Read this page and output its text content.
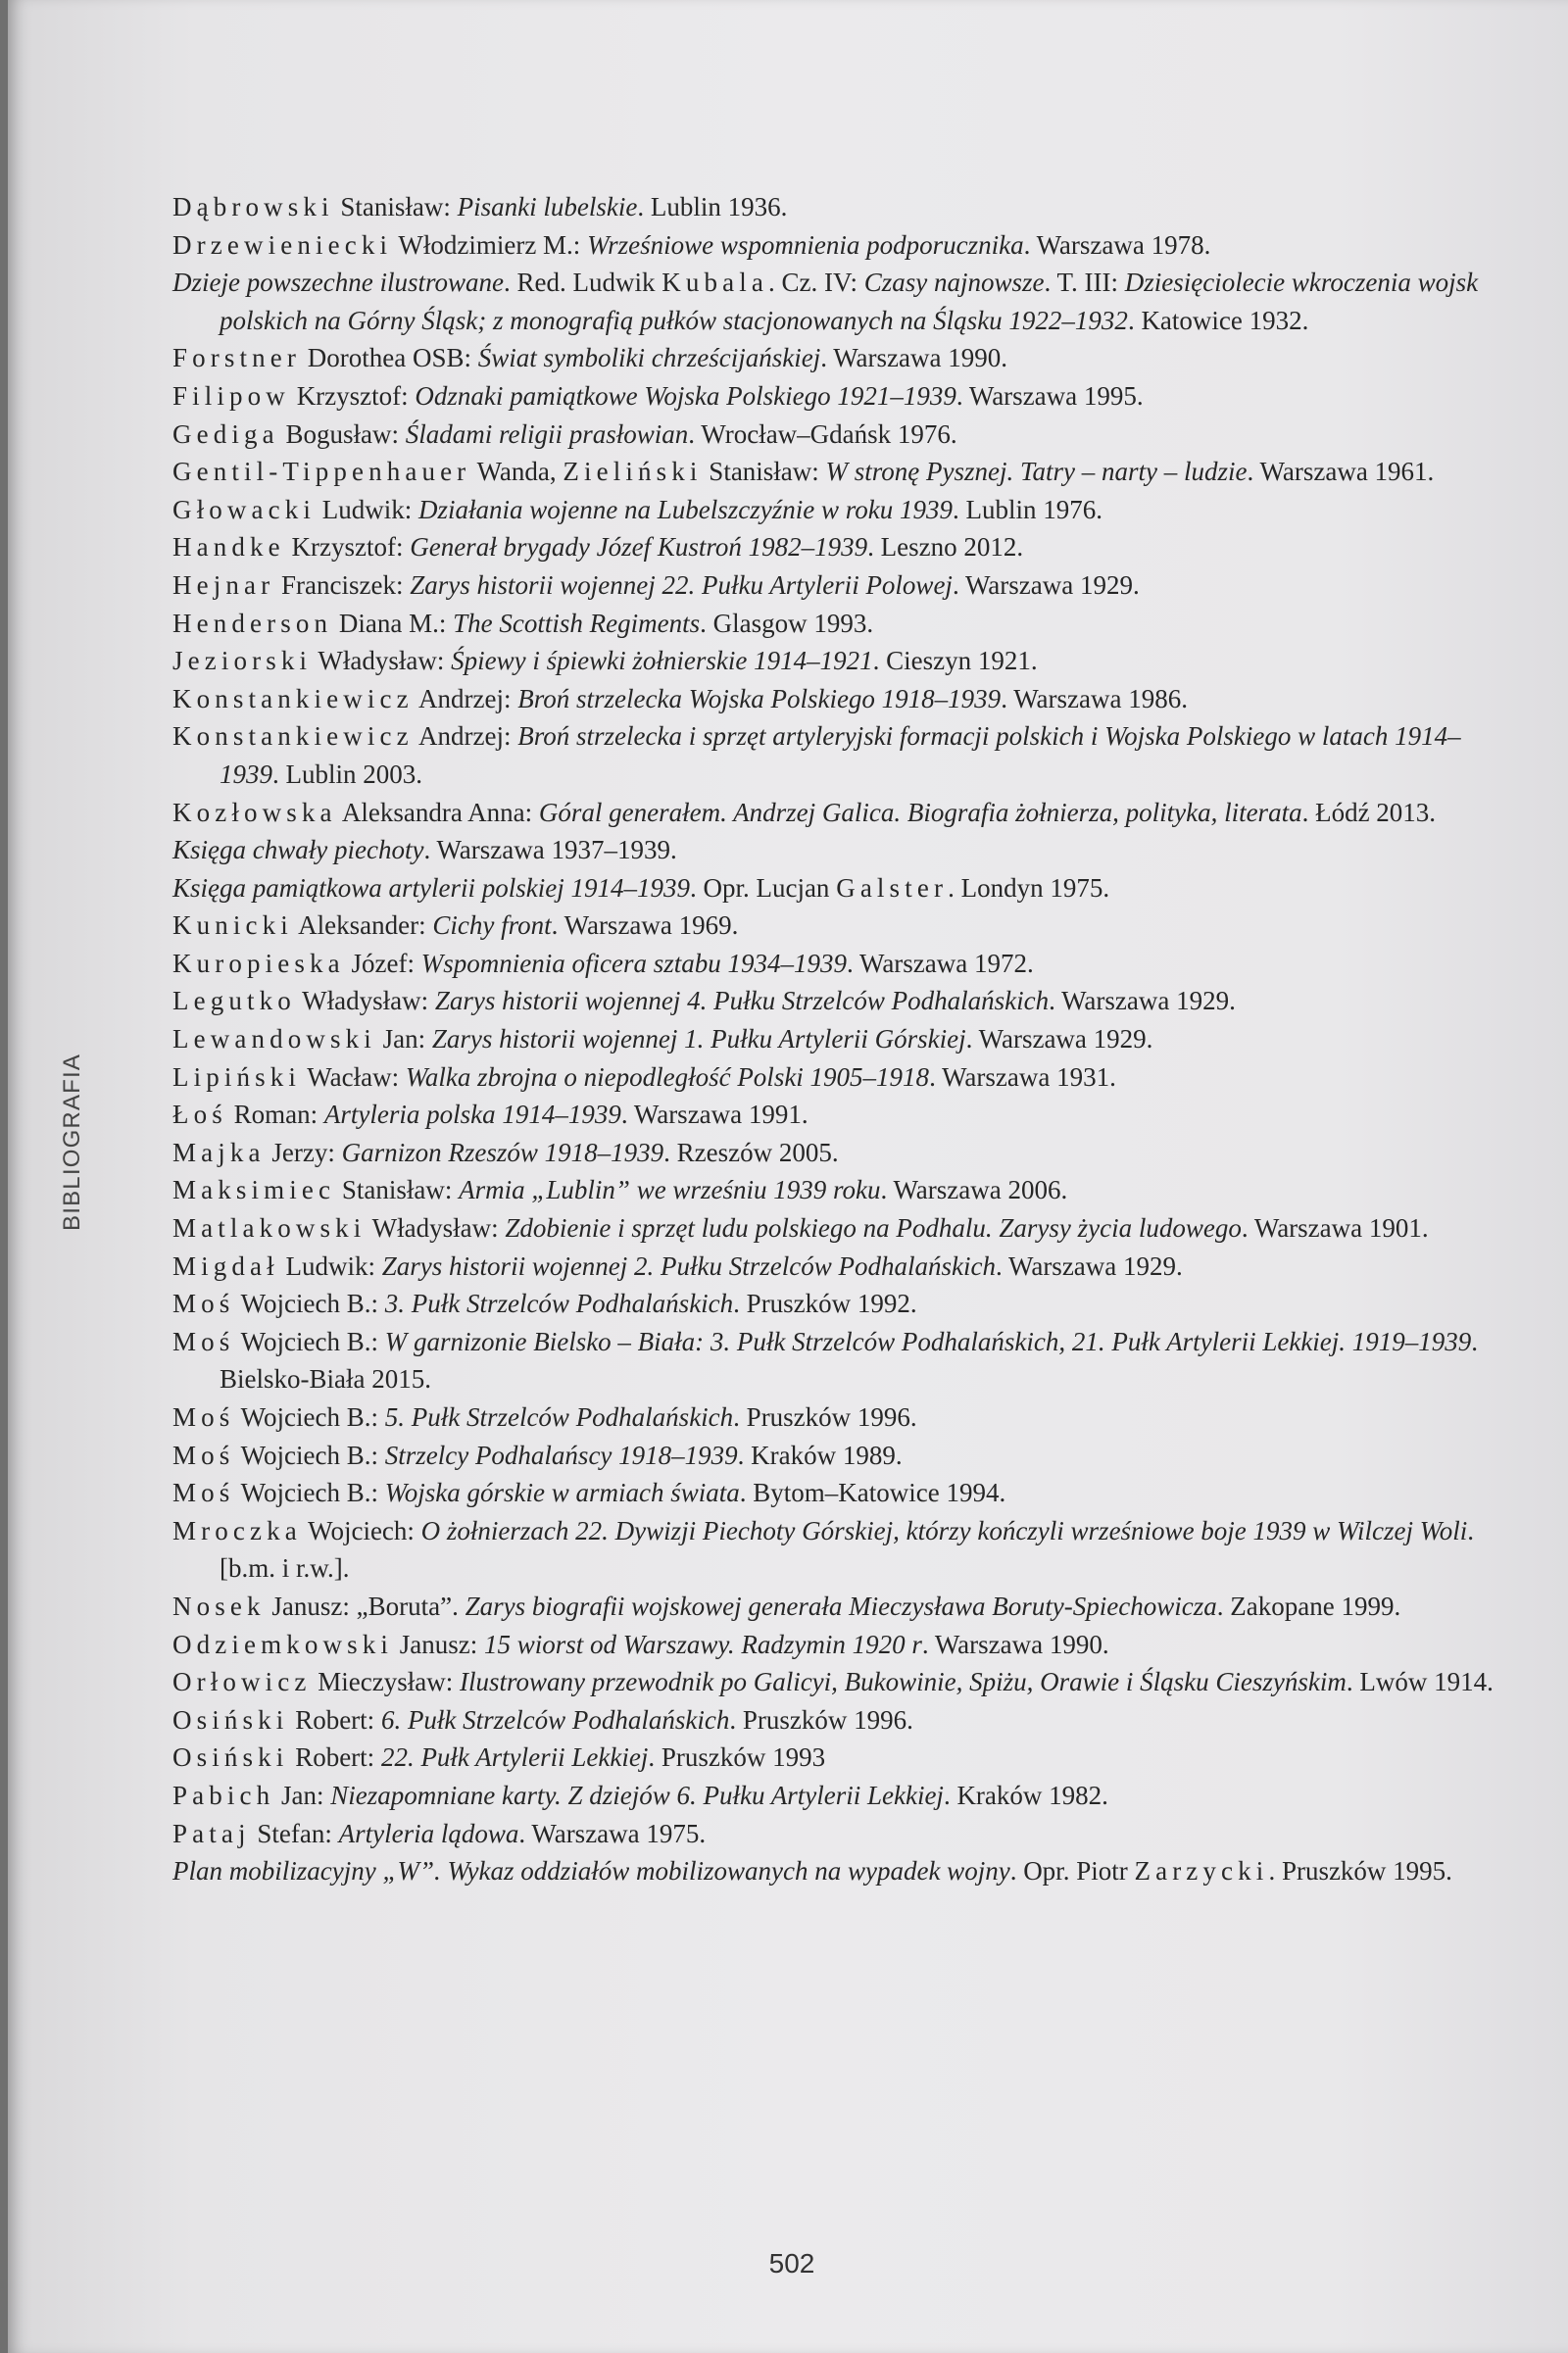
BIBLIOGRAFIA
Dąbrowski Stanisław: Pisanki lubelskie. Lublin 1936.
Drzewieniecki Włodzimierz M.: Wrześniowe wspomnienia podporucznika. Warszawa 1978.
Dzieje powszechne ilustrowane. Red. Ludwik Kubala. Cz. IV: Czasy najnowsze. T. III: Dziesięciolecie wkroczenia wojsk polskich na Górny Śląsk; z monografią pułków stacjonowanych na Śląsku 1922–1932. Katowice 1932.
Forstner Dorothea OSB: Świat symboliki chrześcijańskiej. Warszawa 1990.
Filipow Krzysztof: Odznaki pamiątkowe Wojska Polskiego 1921–1939. Warszawa 1995.
Gediga Bogusław: Śladami religii prasłowian. Wrocław–Gdańsk 1976.
Gentil-Tippenhauer Wanda, Zieliński Stanisław: W stronę Pysznej. Tatry – narty – ludzie. Warszawa 1961.
Głowacki Ludwik: Działania wojenne na Lubelszczyźnie w roku 1939. Lublin 1976.
Handke Krzysztof: Generał brygady Józef Kustroń 1982–1939. Leszno 2012.
Hejnar Franciszek: Zarys historii wojennej 22. Pułku Artylerii Polowej. Warszawa 1929.
Henderson Diana M.: The Scottish Regiments. Glasgow 1993.
Jeziorski Władysław: Śpiewy i śpiewki żołnierskie 1914–1921. Cieszyn 1921.
Konstankiewicz Andrzej: Broń strzelecka Wojska Polskiego 1918–1939. Warszawa 1986.
Konstankiewicz Andrzej: Broń strzelecka i sprzęt artyleryjski formacji polskich i Wojska Polskiego w latach 1914–1939. Lublin 2003.
Kozłowska Aleksandra Anna: Góral generałem. Andrzej Galica. Biografia żołnierza, polityka, literata. Łódź 2013.
Księga chwały piechoty. Warszawa 1937–1939.
Księga pamiątkowa artylerii polskiej 1914–1939. Opr. Lucjan Galster. Londyn 1975.
Kunicki Aleksander: Cichy front. Warszawa 1969.
Kuropieska Józef: Wspomnienia oficera sztabu 1934–1939. Warszawa 1972.
Legutko Władysław: Zarys historii wojennej 4. Pułku Strzelców Podhalańskich. Warszawa 1929.
Lewandowski Jan: Zarys historii wojennej 1. Pułku Artylerii Górskiej. Warszawa 1929.
Lipiński Wacław: Walka zbrojna o niepodległość Polski 1905–1918. Warszawa 1931.
Łoś Roman: Artyleria polska 1914–1939. Warszawa 1991.
Majka Jerzy: Garnizon Rzeszów 1918–1939. Rzeszów 2005.
Maksimiec Stanisław: Armia „Lublin” we wrześniu 1939 roku. Warszawa 2006.
Matlakowski Władysław: Zdobienie i sprzęt ludu polskiego na Podhalu. Zarysy życia ludowego. Warszawa 1901.
Migdał Ludwik: Zarys historii wojennej 2. Pułku Strzelców Podhalańskich. Warszawa 1929.
Moś Wojciech B.: 3. Pułk Strzelców Podhalańskich. Pruszków 1992.
Moś Wojciech B.: W garnizonie Bielsko – Biała: 3. Pułk Strzelców Podhalańskich, 21. Pułk Artylerii Lekkiej. 1919–1939. Bielsko-Biała 2015.
Moś Wojciech B.: 5. Pułk Strzelców Podhalańskich. Pruszków 1996.
Moś Wojciech B.: Strzelcy Podhalańscy 1918–1939. Kraków 1989.
Moś Wojciech B.: Wojska górskie w armiach świata. Bytom–Katowice 1994.
Mroczka Wojciech: O żołnierzach 22. Dywizji Piechoty Górskiej, którzy kończyli wrześniowe boje 1939 w Wilczej Woli. [b.m. i r.w.].
Nosek Janusz: „Boruta”. Zarys biografii wojskowej generała Mieczysława Boruty-Spiechowicza. Zakopane 1999.
Odziemkowski Janusz: 15 wiorst od Warszawy. Radzymin 1920 r. Warszawa 1990.
Orłowicz Mieczysław: Ilustrowany przewodnik po Galicyi, Bukowinie, Spiżu, Orawie i Śląsku Cieszyńskim. Lwów 1914.
Osiński Robert: 6. Pułk Strzelców Podhalańskich. Pruszków 1996.
Osiński Robert: 22. Pułk Artylerii Lekkiej. Pruszków 1993
Pabich Jan: Niezapomniane karty. Z dziejów 6. Pułku Artylerii Lekkiej. Kraków 1982.
Pataj Stefan: Artyleria lądowa. Warszawa 1975.
Plan mobilizacyjny „W”. Wykaz oddziałów mobilizowanych na wypadek wojny. Opr. Piotr Zarzycki. Pruszków 1995.
502
